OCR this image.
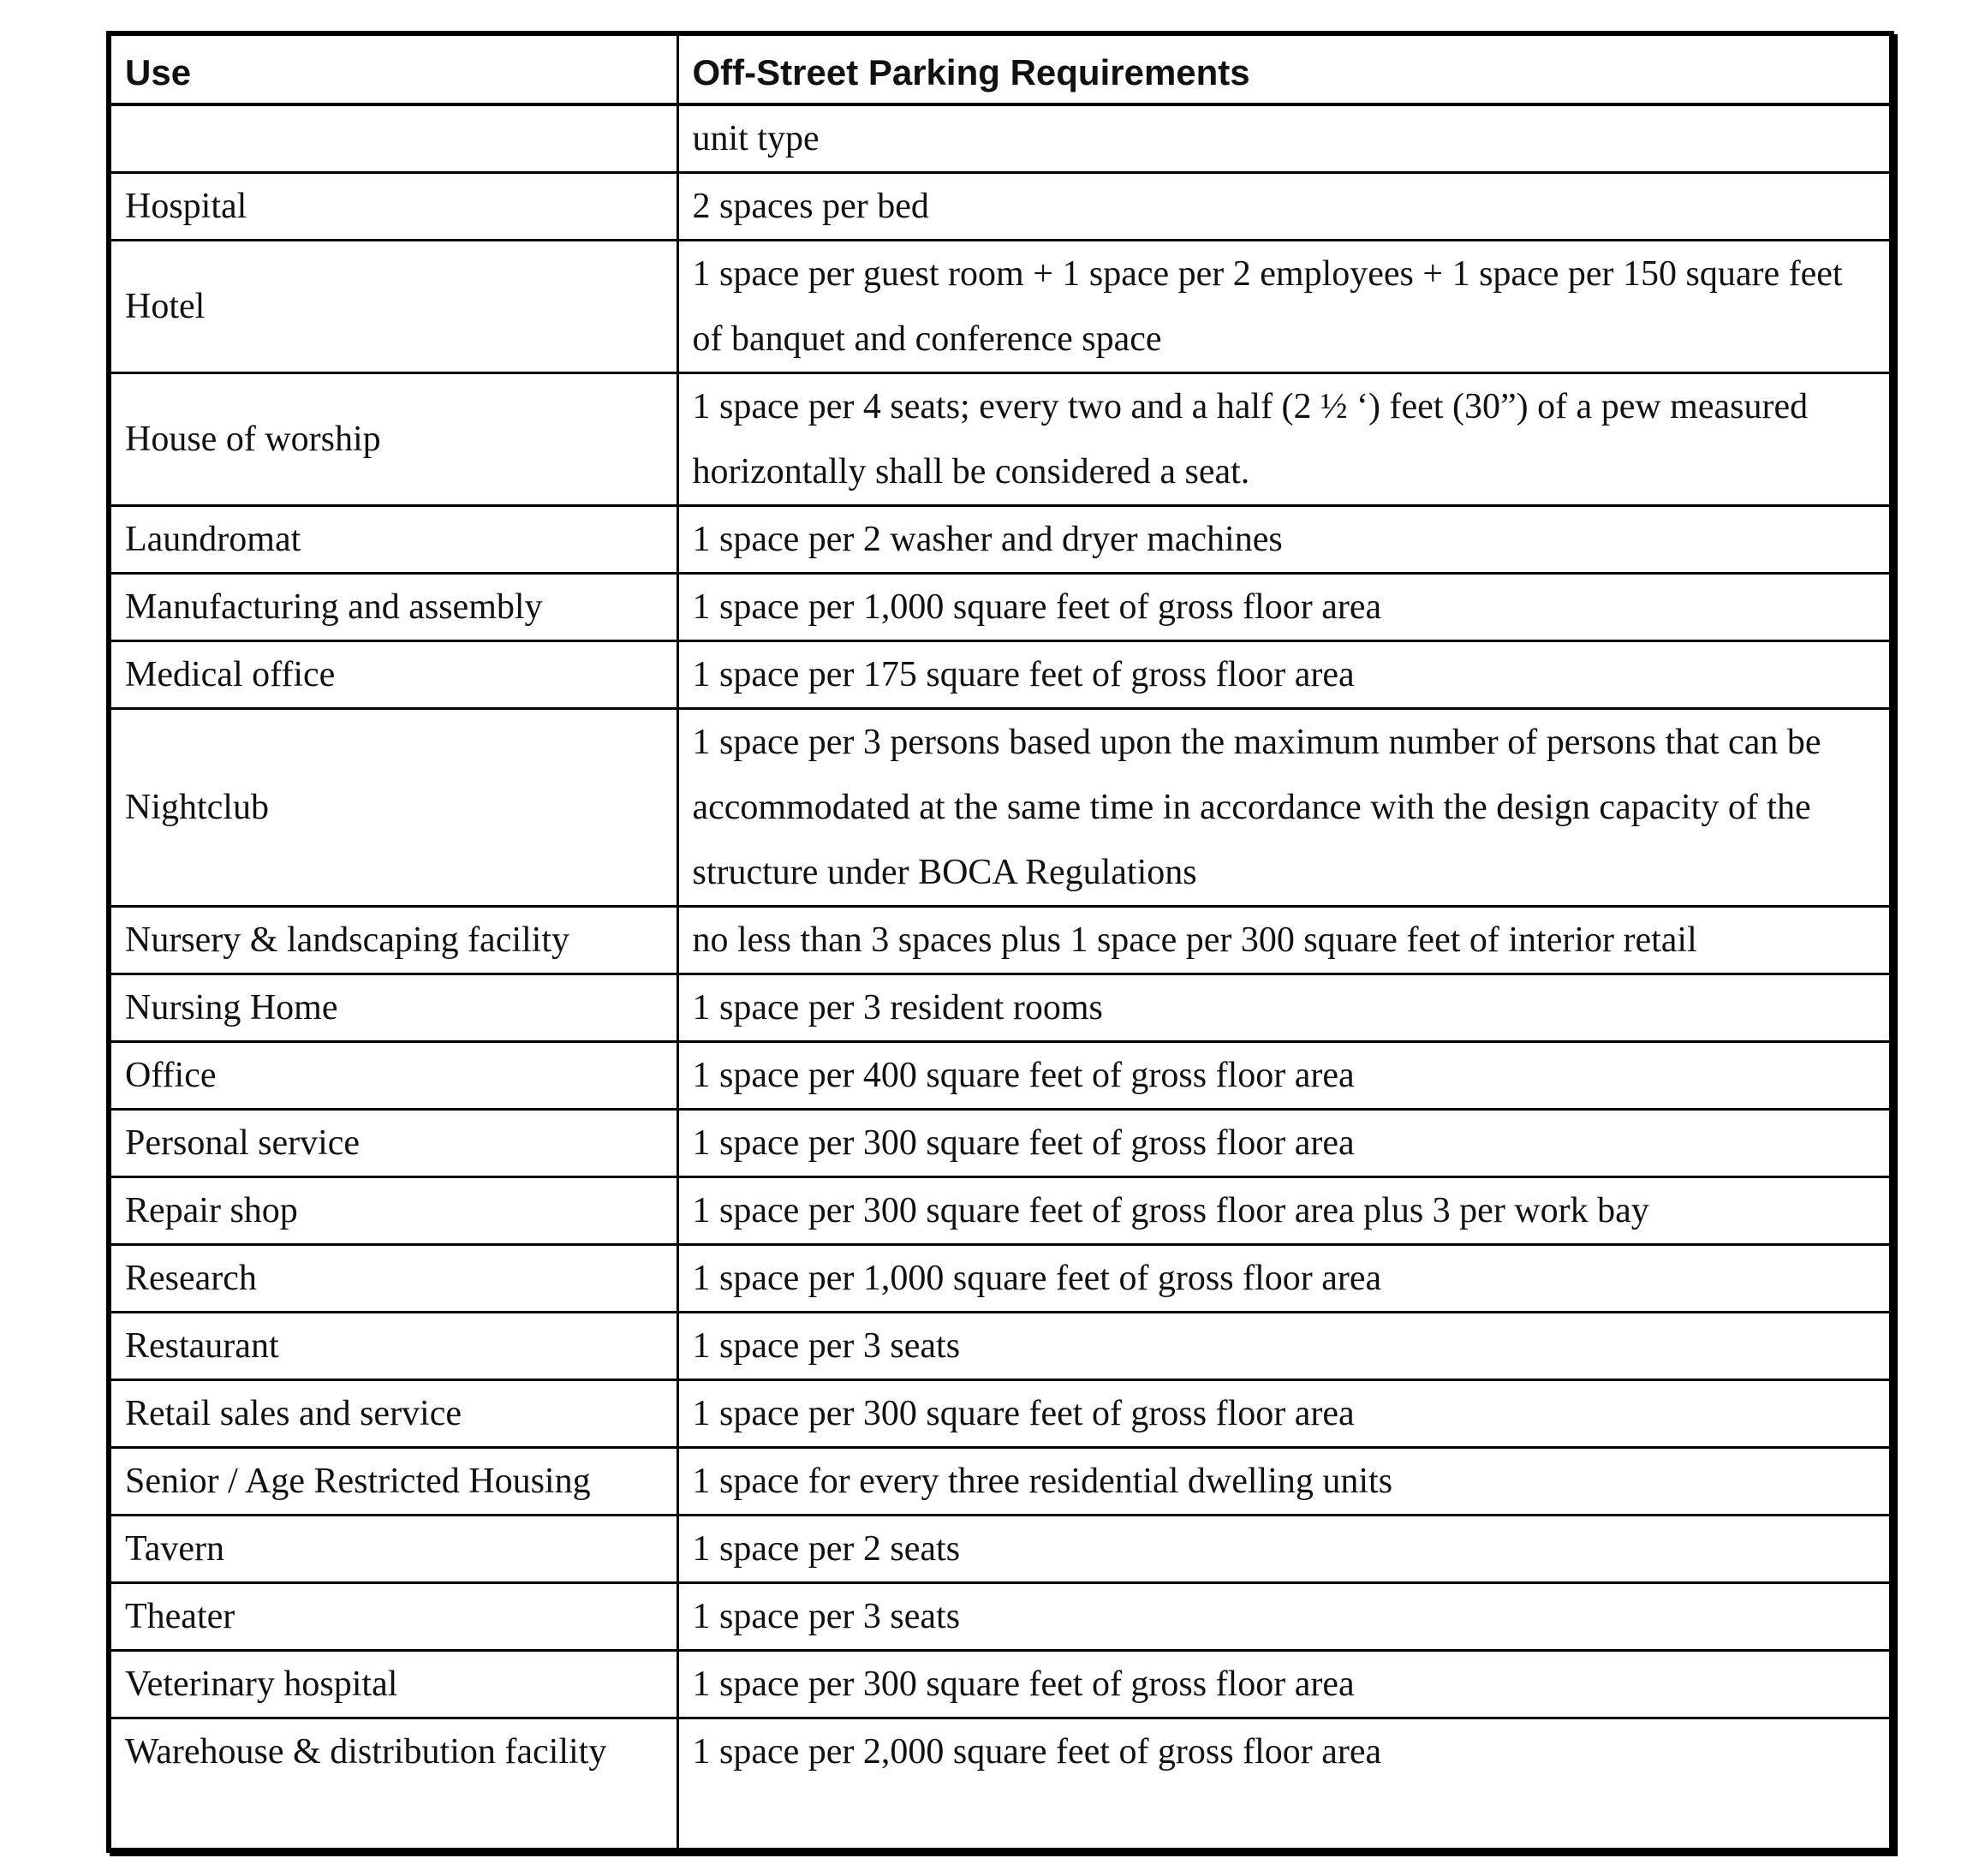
Use	Off-Street Parking Requirements
	unit type
Hospital	2 spaces per bed
Hotel	1 space per guest room + 1 space per 2 employees + 1 space per 150 square feet of banquet and conference space
House of worship	1 space per 4 seats; every two and a half (2 ½ ‘) feet (30”) of a pew measured horizontally shall be considered a seat.
Laundromat	1 space per 2 washer and dryer machines
Manufacturing and assembly	1 space per 1,000 square feet of gross floor area
Medical office	1 space per 175 square feet of gross floor area
Nightclub	1 space per 3 persons based upon the maximum number of persons that can be accommodated at the same time in accordance with the design capacity of the structure under BOCA Regulations
Nursery & landscaping facility	no less than 3 spaces plus 1 space per 300 square feet of interior retail
Nursing Home	1 space per 3 resident rooms
Office	1 space per 400 square feet of gross floor area
Personal service	1 space per 300 square feet of gross floor area
Repair shop	1 space per 300 square feet of gross floor area plus 3 per work bay
Research	1 space per 1,000 square feet of gross floor area
Restaurant	1 space per 3 seats
Retail sales and service	1 space per 300 square feet of gross floor area
Senior / Age Restricted Housing	1 space for every three residential dwelling units
Tavern	1 space per 2 seats
Theater	1 space per 3 seats
Veterinary hospital	1 space per 300 square feet of gross floor area
Warehouse & distribution facility	1 space per 2,000 square feet of gross floor area
